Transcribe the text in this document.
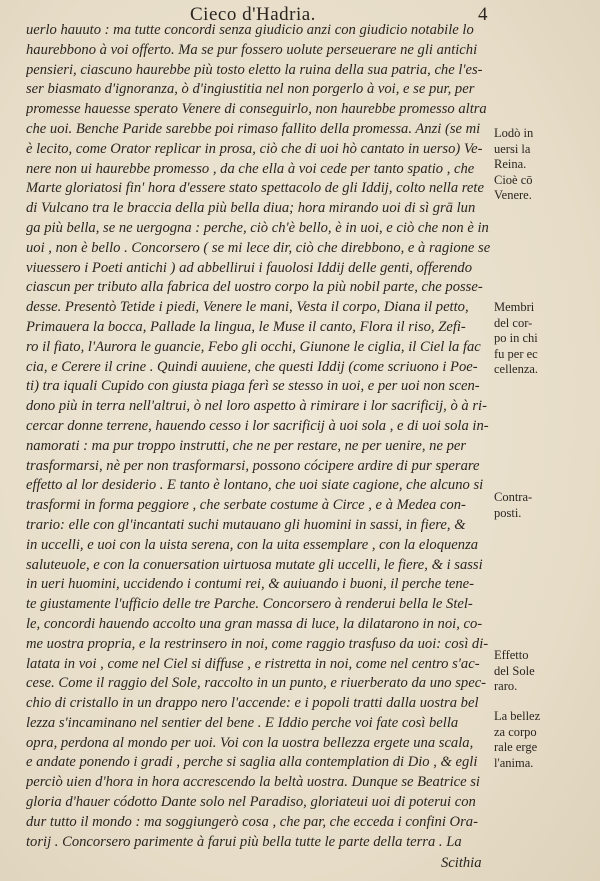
Cieco d'Hadria.	4
uerlo hauuto : ma tutte concordi senza giudicio anzi con giudicio notabile lo
haurebbono à voi offerto. Ma se pur fossero uolute perseuerare ne gli antichi
pensieri, ciascuno haurebbe più tosto eletto la ruina della sua patria, che l'es-
ser biasmato d'ignoranza, ò d'ingiustitia nel non porgerlo à voi, e se pur, per
promesse hauesse sperato Venere di conseguirlo, non haurebbe promesso altra
che uoi. Benche Paride sarebbe poi rimaso fallito della promessa. Anzi (se mi
è lecito, come Orator replicar in prosa, ciò che di uoi hò cantato in uerso) Ve-
nere non ui haurebbe promesso , da che ella à voi cede per tanto spatio , che
Marte gloriatosi fin' hora d'essere stato spettacolo de gli Iddij, colto nella rete
di Vulcano tra le braccia della più bella diua; hora mirando uoi di sì grā lun
ga più bella, se ne uergogna : perche, ciò ch'è bello, è in uoi, e ciò che non è in
uoi , non è bello . Concorsero ( se mi lece dir, ciò che direbbono, e à ragione se
viuessero i Poeti antichi ) ad abbellirui i fauolosi Iddij delle genti, offerendo
ciascun per tributo alla fabrica del uostro corpo la più nobil parte, che posse-
desse. Presentò Tetide i piedi, Venere le mani, Vesta il corpo, Diana il petto,
Primauera la bocca, Pallade la lingua, le Muse il canto, Flora il riso, Zefi-
ro il fiato, l'Aurora le guancie, Febo gli occhi, Giunone le ciglia, il Ciel la fac
cia, e Cerere il crine . Quindi auuiene, che questi Iddij (come scriuono i Poe-
ti) tra iquali Cupido con giusta piaga ferì se stesso in uoi, e per uoi non scen-
dono più in terra nell'altrui, ò nel loro aspetto à rimirare i lor sacrificij, ò à ri-
cercar donne terrene, hauendo cesso i lor sacrificij à uoi sola , e di uoi sola in-
namorati : ma pur troppo instrutti, che ne per restare, ne per uenire, ne per
trasformarsi, nè per non trasformarsi, possono cócipere ardire di pur sperare
effetto al lor desiderio . E tanto è lontano, che uoi siate cagione, che alcuno si
trasformi in forma peggiore , che serbate costume à Circe , e à Medea con-
trario: elle con gl'incantati suchi mutauano gli huomini in sassi, in fiere, &
in uccelli, e uoi con la uista serena, con la uita essemplare , con la eloquenza
saluteuole, e con la conuersation uirtuosa mutate gli uccelli, le fiere, & i sassi
in ueri huomini, uccidendo i contumi rei, & auiuando i buoni, il perche tene-
te giustamente l'ufficio delle tre Parche. Concorsero à renderui bella le Stel-
le, concordi hauendo accolto una gran massa di luce, la dilatarono in noi, co-
me uostra propria, e la restrinsero in noi, come raggio trasfuso da uoi: così di-
latata in voi , come nel Ciel si diffuse , e ristretta in noi, come nel centro s'ac-
cese. Come il raggio del Sole, raccolto in un punto, e riuerberato da uno spec-
chio di cristallo in un drappo nero l'accende: e i popoli tratti dalla uostra bel
lezza s'incaminano nel sentier del bene . E Iddio perche voi fate così bella
opra, perdona al mondo per uoi. Voi con la uostra bellezza ergete una scala,
e andate ponendo i gradi , perche si saglia alla contemplation di Dio , & egli
perciò uien d'hora in hora accrescendo la beltà uostra. Dunque se Beatrice si
gloria d'hauer códotto Dante solo nel Paradiso, gloriateui uoi di poterui con
dur tutto il mondo : ma soggiungerò cosa , che par, che eccedа i confini Ora-
torij . Concorsero parimente à faruі più bella tutte le parte della terra . La
Lodò in
uersi la
Reina.
Cioè cō
Venere.
Membri
del cor-
po in chi
fu per ec
cellenza.
Contra-
posti.
Effetto
del Sole
raro.
La bellez
za corpo
rale erge
l'anima.
Scithia
